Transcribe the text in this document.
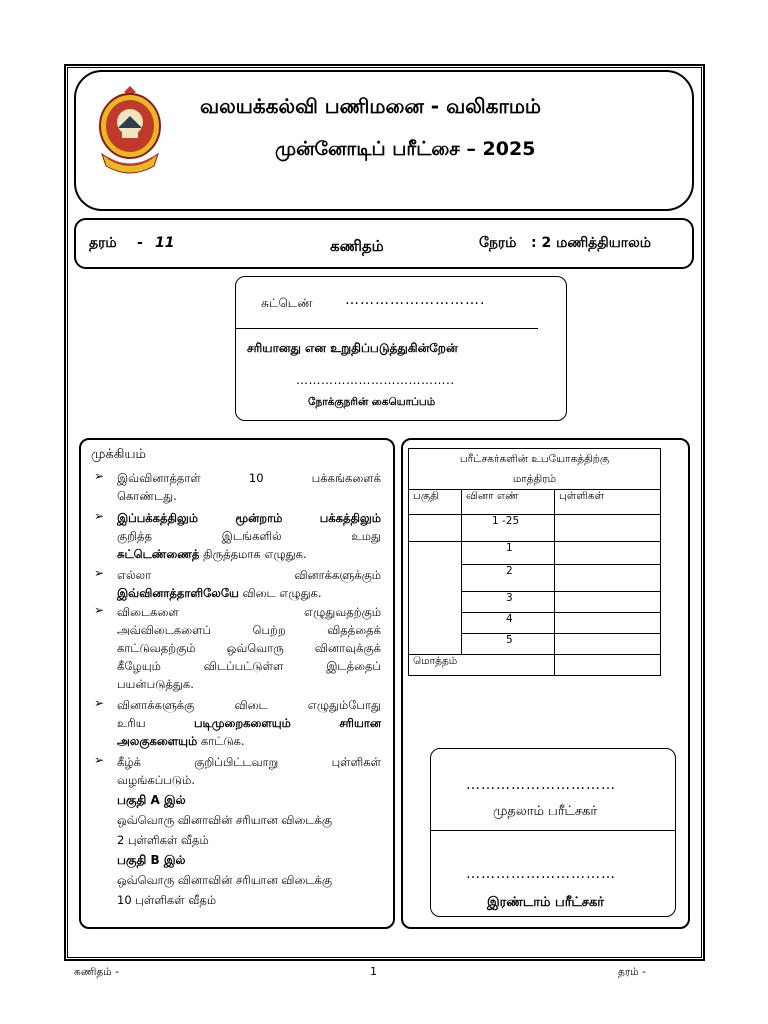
வலயக்கல்வி பணிமனை - வலிகாமம்
முன்னோடிப் பரீட்சை – 2025
தரம் - 11	கணிதம்	நேரம் : 2 மணித்தியாலம்
சுட்டெண் ……………………….
சரியானது என உறுதிப்படுத்துகின்றேன்
………………………………..
நோக்குநரின் கையொப்பம்
முக்கியம்
➢ இவ்வினாத்தாள்	10	பக்கங்களைக்
கொண்டது.
➢ இப்பக்கத்திலும்	மூன்றாம்	பக்கத்திலும்
குறித்த	இடங்களில்	உமது
சுட்டெண்ணைத் திருத்தமாக எழுதுக.
➢ எல்லா	வினாக்களுக்கும்
இவ்வினாத்தாளிலேயே விடை எழுதுக.
➢ விடைகளை	எழுதுவதற்கும்
அவ்விடைகளைப்	பெற்ற	விதத்தைக்
காட்டுவதற்கும்	ஒவ்வொரு	வினாவுக்குக்
கீழேயும்	விடப்பட்டுள்ள	இடத்தைப்
பயன்படுத்துக.
➢ வினாக்களுக்கு	விடை	எழுதும்போது
உரிய	படிமுறைகளையும்	சரியான
அலகுகளையும் காட்டுக.
➢ கீழ்க்	குறிப்பிட்டவாறு	புள்ளிகள்
வழங்கப்படும்.
பகுதி A இல்
ஒவ்வொரு வினாவின் சரியான விடைக்கு
2 புள்ளிகள் வீதம்
பகுதி B இல்
ஒவ்வொரு வினாவின் சரியான விடைக்கு
10 புள்ளிகள் வீதம்
பரீட்சகர்களின் உபயோகத்திற்கு
மாத்திரம்		
பகுதி	வினா எண்	புள்ளிகள்
	1 -25	
	1	
	2	
	3	
	4	
	5	
மொத்தம்		
…………………………
முதலாம் பரீட்சகர்
…………………………
இரண்டாம் பரீட்சகர்
கணிதம் -	1	தரம் -
